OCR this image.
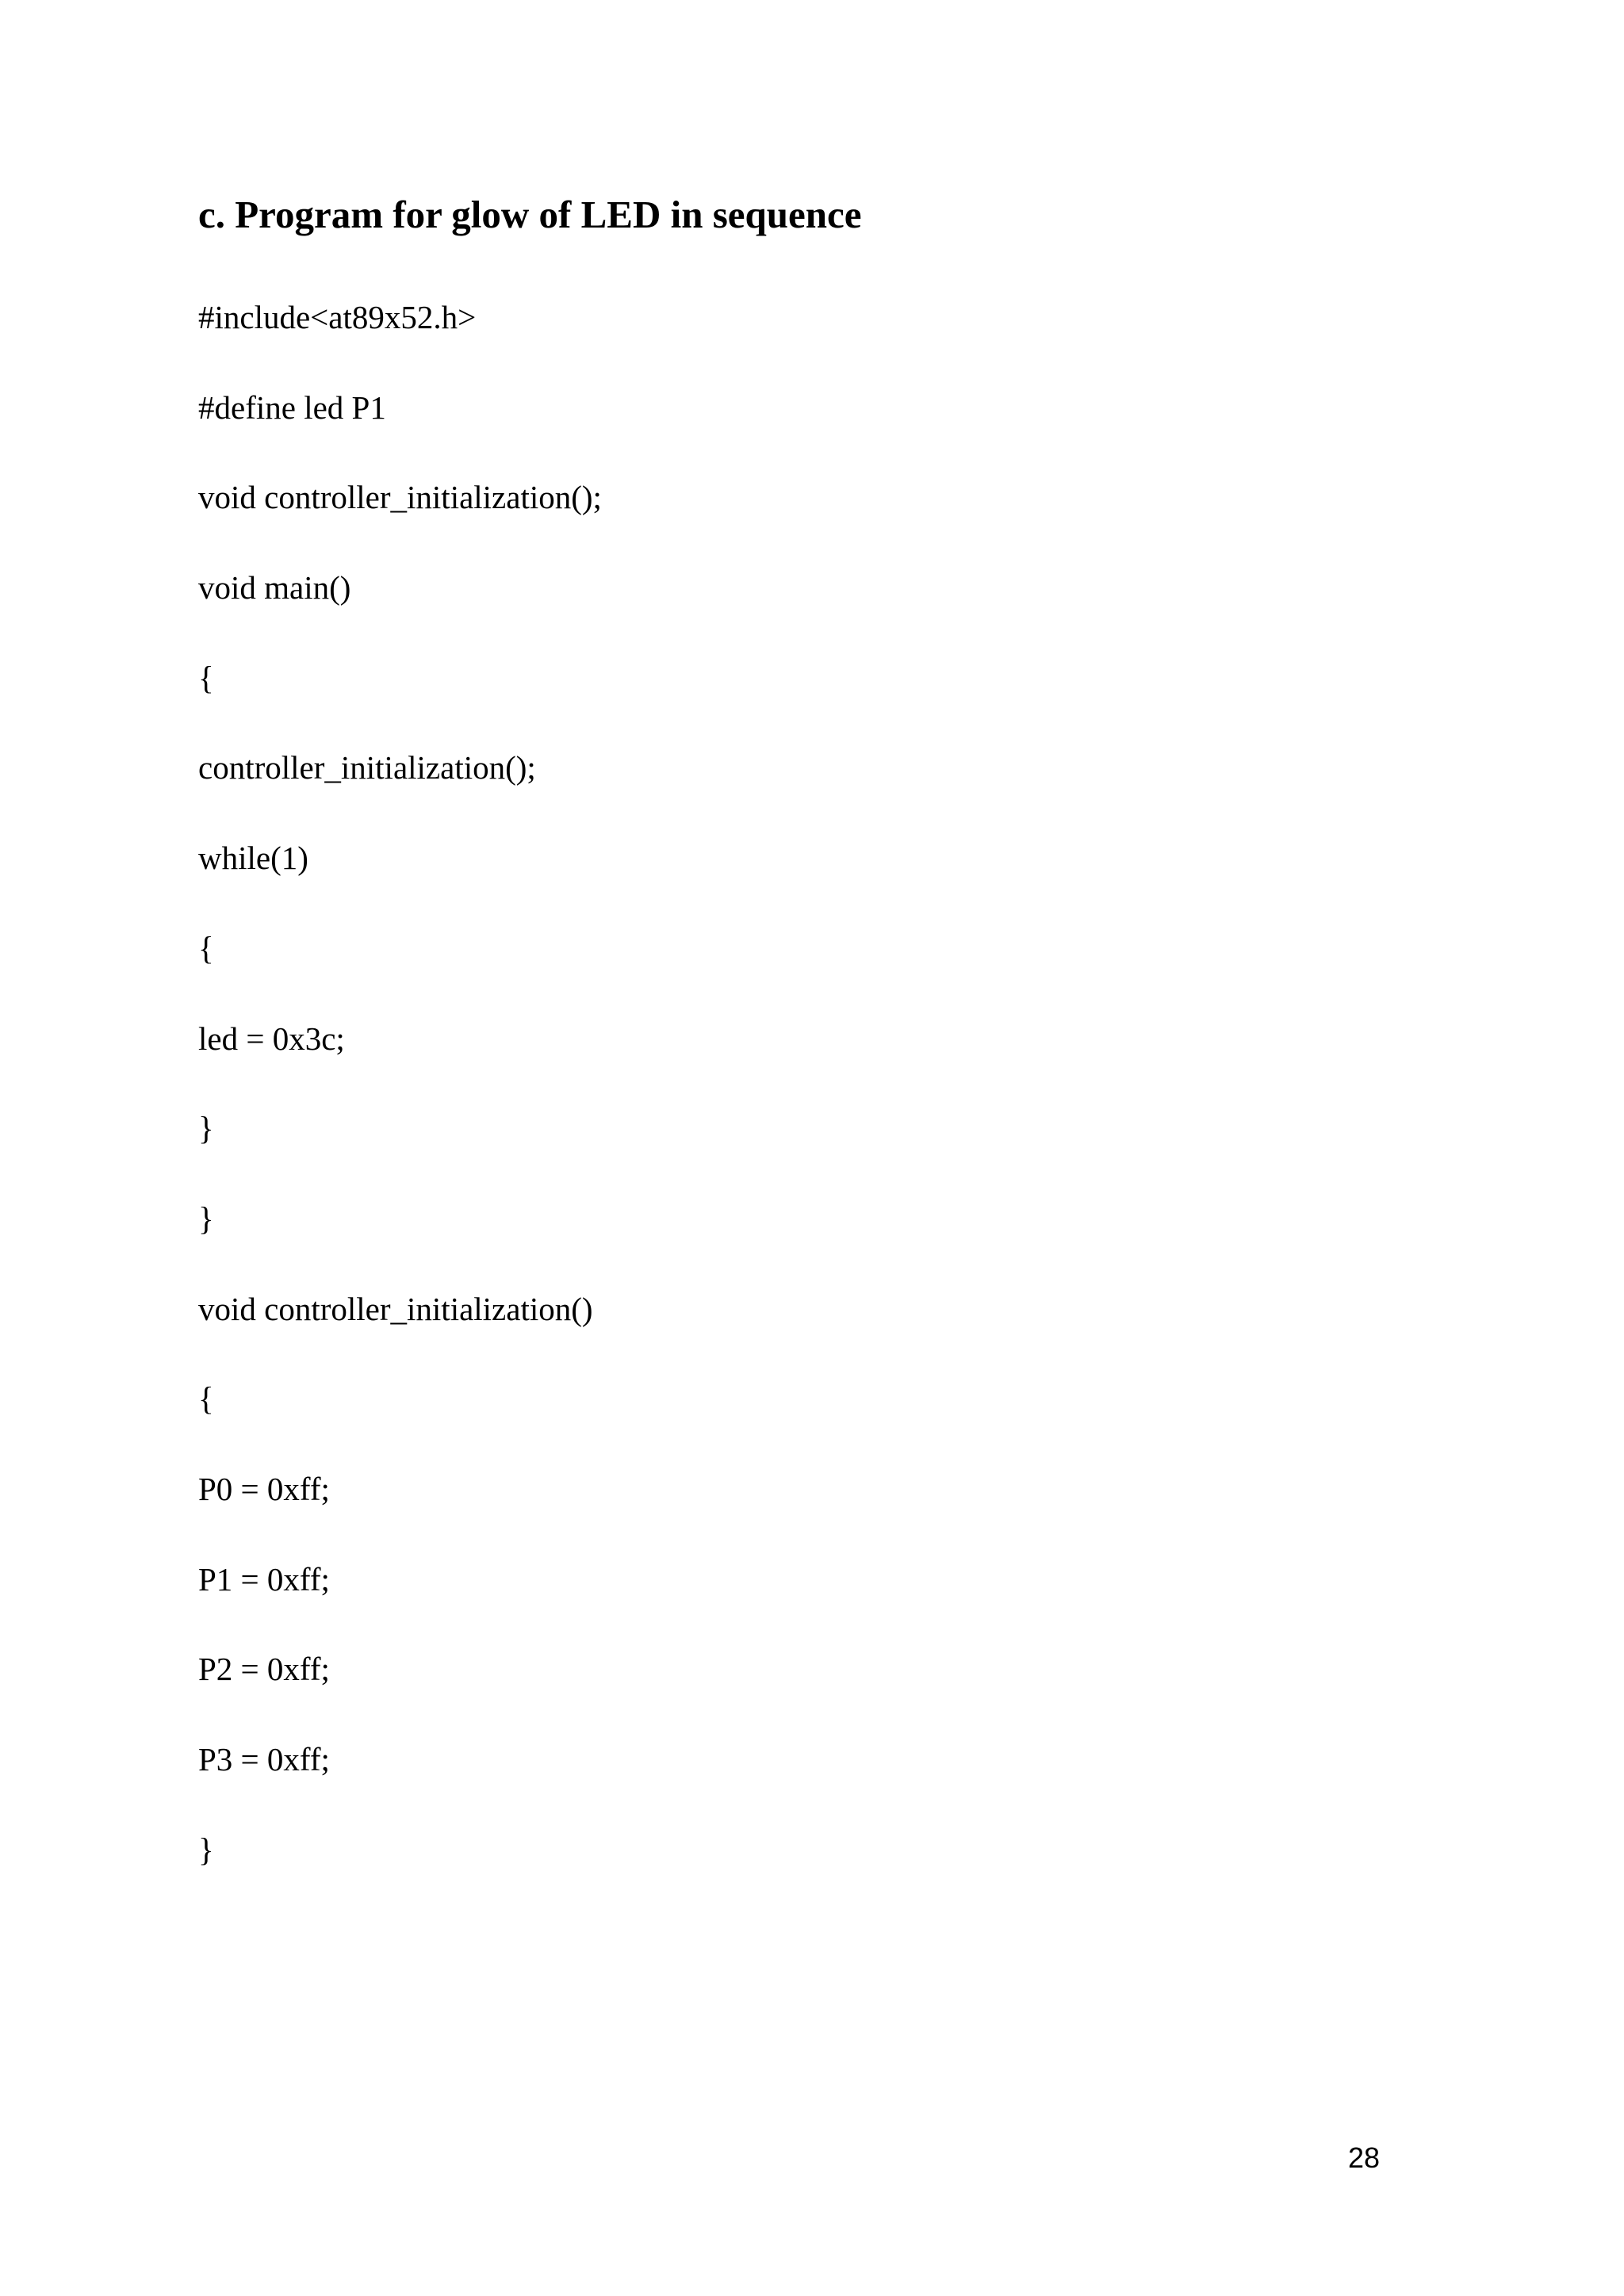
c. Program for glow of LED in sequence
#include<at89x52.h>
#define led P1
void controller_initialization();
void main()
{
controller_initialization();
while(1)
{
led = 0x3c;
}
}
void controller_initialization()
{
P0 = 0xff;
P1 = 0xff;
P2 = 0xff;
P3 = 0xff;
}
28
